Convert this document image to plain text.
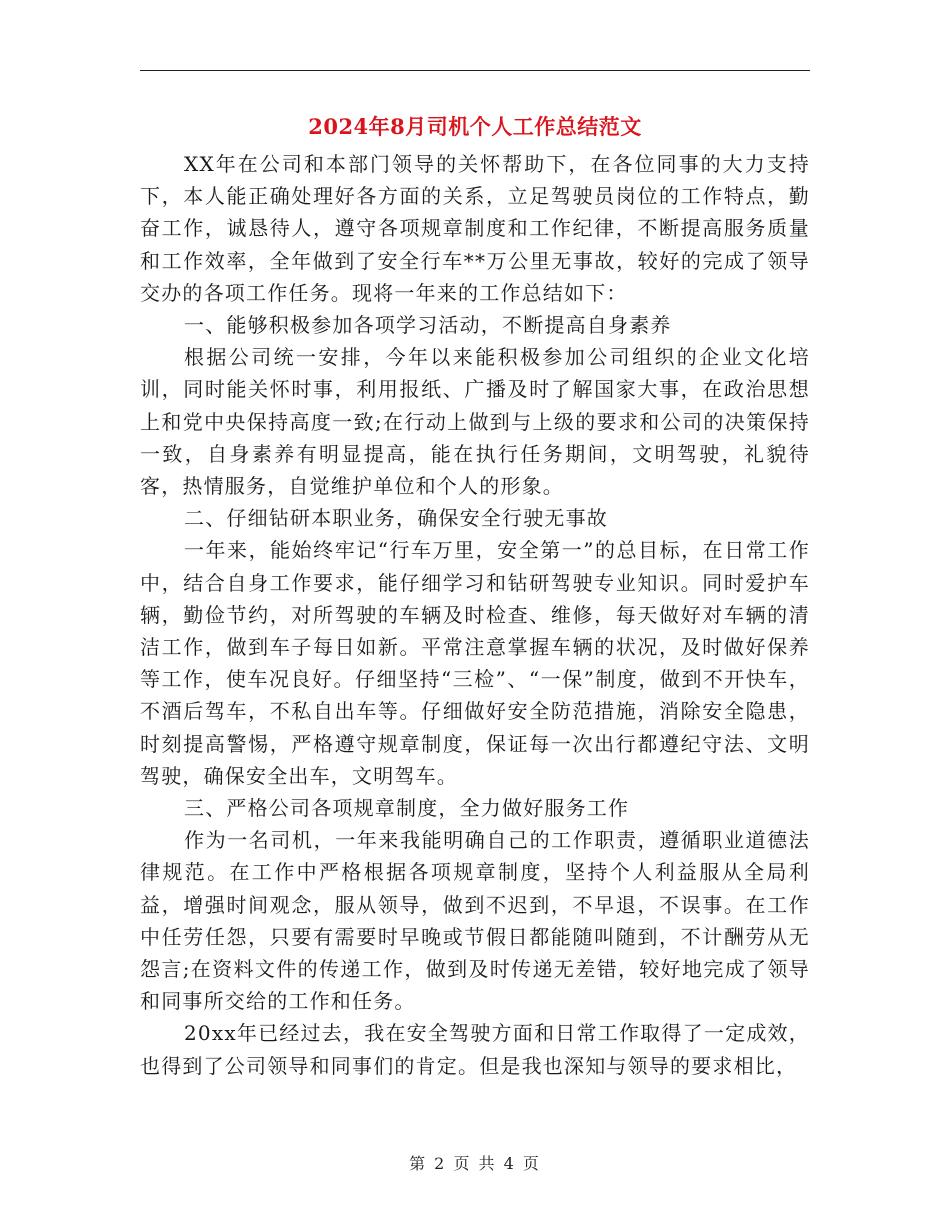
2024年8月司机个人工作总结范文

XX年在公司和本部门领导的关怀帮助下，在各位同事的大力支持下，本人能正确处理好各方面的关系，立足驾驶员岗位的工作特点，勤奋工作，诚恳待人，遵守各项规章制度和工作纪律，不断提高服务质量和工作效率，全年做到了安全行车**万公里无事故，较好的完成了领导交办的各项工作任务。现将一年来的工作总结如下：

一、能够积极参加各项学习活动，不断提高自身素养

根据公司统一安排，今年以来能积极参加公司组织的企业文化培训，同时能关怀时事，利用报纸、广播及时了解国家大事，在政治思想上和党中央保持高度一致;在行动上做到与上级的要求和公司的决策保持一致，自身素养有明显提高，能在执行任务期间，文明驾驶，礼貌待客，热情服务，自觉维护单位和个人的形象。

二、仔细钻研本职业务，确保安全行驶无事故

一年来，能始终牢记“行车万里，安全第一”的总目标，在日常工作中，结合自身工作要求，能仔细学习和钻研驾驶专业知识。同时爱护车辆，勤俭节约，对所驾驶的车辆及时检查、维修，每天做好对车辆的清洁工作，做到车子每日如新。平常注意掌握车辆的状况，及时做好保养等工作，使车况良好。仔细坚持“三检”、“一保”制度，做到不开快车，不酒后驾车，不私自出车等。仔细做好安全防范措施，消除安全隐患，时刻提高警惕，严格遵守规章制度，保证每一次出行都遵纪守法、文明驾驶，确保安全出车，文明驾车。

三、严格公司各项规章制度，全力做好服务工作

作为一名司机，一年来我能明确自己的工作职责，遵循职业道德法律规范。在工作中严格根据各项规章制度，坚持个人利益服从全局利益，增强时间观念，服从领导，做到不迟到，不早退，不误事。在工作中任劳任怨，只要有需要时早晚或节假日都能随叫随到，不计酬劳从无怨言;在资料文件的传递工作，做到及时传递无差错，较好地完成了领导和同事所交给的工作和任务。

20xx年已经过去，我在安全驾驶方面和日常工作取得了一定成效，也得到了公司领导和同事们的肯定。但是我也深知与领导的要求相比，

第 2 页 共 4 页
